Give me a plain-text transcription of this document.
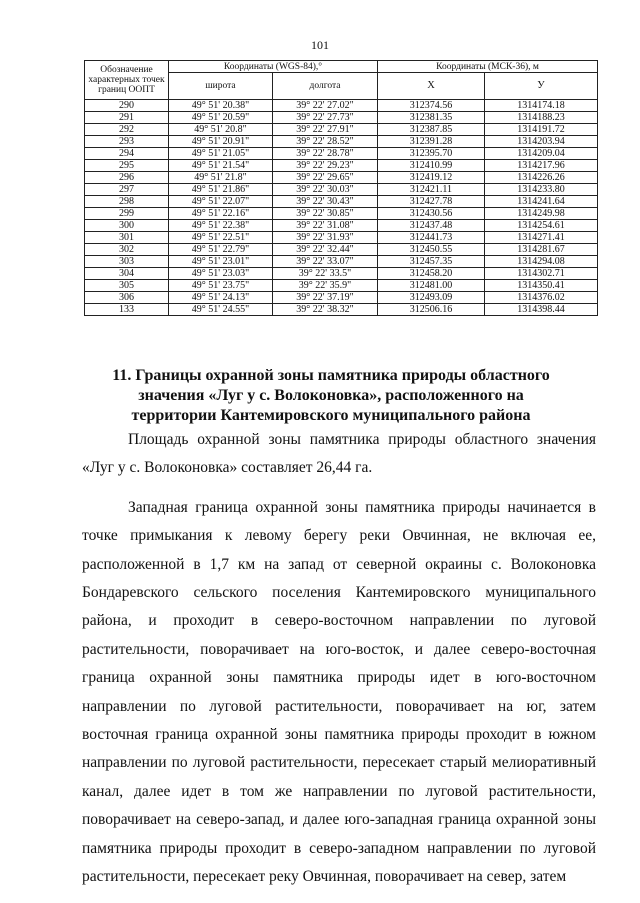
101
Обозначение характерных точек границ ООПТ	Координаты (WGS-84),°		Координаты (МСК-36), м	
	широта	долгота	X	У
290	49° 51' 20.38"	39° 22' 27.02"	312374.56	1314174.18
291	49° 51' 20.59"	39° 22' 27.73"	312381.35	1314188.23
292	49° 51' 20.8"	39° 22' 27.91"	312387.85	1314191.72
293	49° 51' 20.91"	39° 22' 28.52"	312391.28	1314203.94
294	49° 51' 21.05"	39° 22' 28.78"	312395.70	1314209.04
295	49° 51' 21.54"	39° 22' 29.23"	312410.99	1314217.96
296	49° 51' 21.8"	39° 22' 29.65"	312419.12	1314226.26
297	49° 51' 21.86"	39° 22' 30.03"	312421.11	1314233.80
298	49° 51' 22.07"	39° 22' 30.43"	312427.78	1314241.64
299	49° 51' 22.16"	39° 22' 30.85"	312430.56	1314249.98
300	49° 51' 22.38"	39° 22' 31.08"	312437.48	1314254.61
301	49° 51' 22.51"	39° 22' 31.93"	312441.73	1314271.41
302	49° 51' 22.79"	39° 22' 32.44"	312450.55	1314281.67
303	49° 51' 23.01"	39° 22' 33.07"	312457.35	1314294.08
304	49° 51' 23.03"	39° 22' 33.5"	312458.20	1314302.71
305	49° 51' 23.75"	39° 22' 35.9"	312481.00	1314350.41
306	49° 51' 24.13"	39° 22' 37.19"	312493.09	1314376.02
133	49° 51' 24.55"	39° 22' 38.32"	312506.16	1314398.44
11. Границы охранной зоны памятника природы областного
значения «Луг у с. Волоконовка», расположенного на
территории Кантемировского муниципального района

Площадь охранной зоны памятника природы областного значения «Луг у с. Волоконовка» составляет 26,44 га.

Западная граница охранной зоны памятника природы начинается в точке примыкания к левому берегу реки Овчинная, не включая ее, расположенной в 1,7 км на запад от северной окраины с. Волоконовка Бондаревского сельского поселения Кантемировского муниципального района, и проходит в северо-восточном направлении по луговой растительности, поворачивает на юго-восток, и далее северо-восточная граница охранной зоны памятника природы идет в юго-восточном направлении по луговой растительности, поворачивает на юг, затем восточная граница охранной зоны памятника природы проходит в южном направлении по луговой растительности, пересекает старый мелиоративный канал, далее идет в том же направлении по луговой растительности, поворачивает на северо-запад, и далее юго-западная граница охранной зоны памятника природы проходит в северо-западном направлении по луговой растительности, пересекает реку Овчинная, поворачивает на север, затем
